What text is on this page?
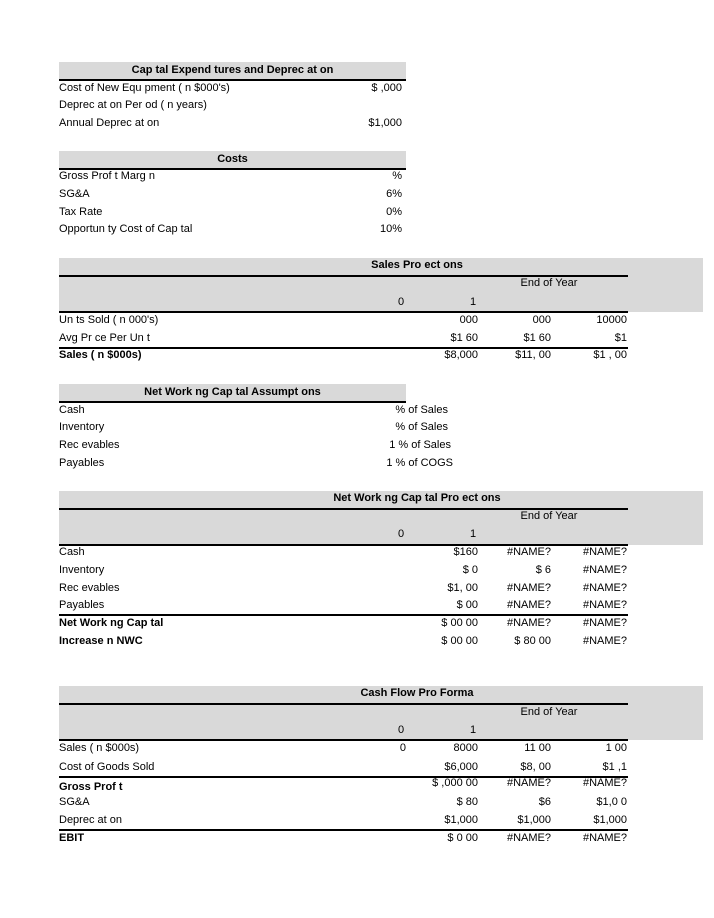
Cap tal Expend tures and Deprec at on
Cost of New Equ pment ( n $000's)	$ ,000
Deprec at on Per od ( n years)
Annual Deprec at on	$1,000
Costs
Gross Prof t Marg n	%
SG&A	6%
Tax Rate	0%
Opportun ty Cost of Cap tal	10%
Sales Pro ect ons
End of Year
0	1
Un ts Sold ( n 000's)	000	000	10000
Avg Pr ce Per Un t	$1 60	$1 60	$1
Sales ( n $000s)	$8,000	$11, 00	$1 , 00
Net Work ng Cap tal Assumpt ons
Cash	% of Sales
Inventory	% of Sales
Rec evables	1 % of Sales
Payables	1 % of COGS
Net Work ng Cap tal Pro ect ons
End of Year
0	1
Cash	$160	#NAME?	#NAME?
Inventory	$ 0	$ 6	#NAME?
Rec evables	$1, 00	#NAME?	#NAME?
Payables	$ 00	#NAME?	#NAME?
Net Work ng Cap tal	$ 00 00	#NAME?	#NAME?
Increase n NWC	$ 00 00	$ 80 00	#NAME?
Cash Flow Pro Forma
End of Year
0	1
Sales ( n $000s)	0	8000	11 00	1 00
Cost of Goods Sold	$6,000	$8, 00	$1 ,1
Gross Prof t	$ ,000 00	#NAME?	#NAME?
SG&A	$ 80	$6	$1,0 0
Deprec at on	$1,000	$1,000	$1,000
EBIT	$ 0 00	#NAME?	#NAME?
